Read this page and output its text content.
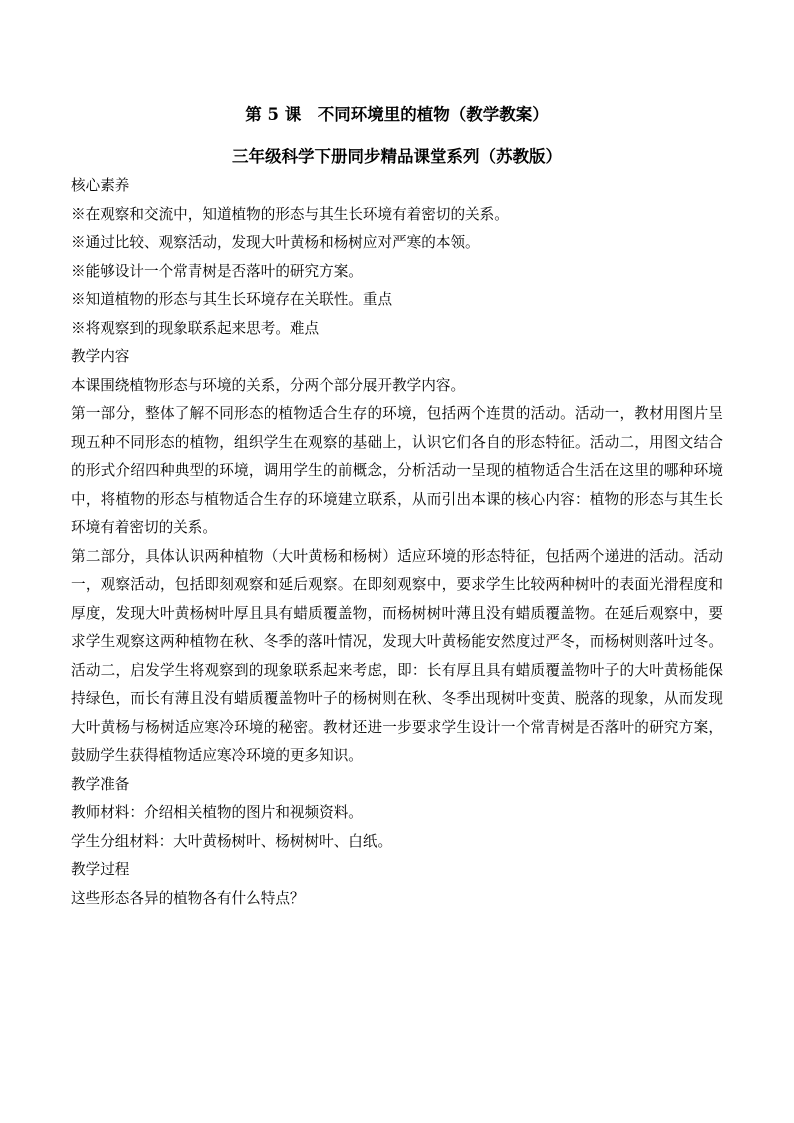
第 5 课　不同环境里的植物（教学教案）
三年级科学下册同步精品课堂系列（苏教版）
核心素养
※在观察和交流中，知道植物的形态与其生长环境有着密切的关系。
※通过比较、观察活动，发现大叶黄杨和杨树应对严寒的本领。
※能够设计一个常青树是否落叶的研究方案。
※知道植物的形态与其生长环境存在关联性。重点
※将观察到的现象联系起来思考。难点
教学内容
本课围绕植物形态与环境的关系，分两个部分展开教学内容。

第一部分，整体了解不同形态的植物适合生存的环境，包括两个连贯的活动。活动一，教材用图片呈现五种不同形态的植物，组织学生在观察的基础上，认识它们各自的形态特征。活动二，用图文结合的形式介绍四种典型的环境，调用学生的前概念，分析活动一呈现的植物适合生活在这里的哪种环境中，将植物的形态与植物适合生存的环境建立联系，从而引出本课的核心内容：植物的形态与其生长环境有着密切的关系。

第二部分，具体认识两种植物（大叶黄杨和杨树）适应环境的形态特征，包括两个递进的活动。活动一，观察活动，包括即刻观察和延后观察。在即刻观察中，要求学生比较两种树叶的表面光滑程度和厚度，发现大叶黄杨树叶厚且具有蜡质覆盖物，而杨树树叶薄且没有蜡质覆盖物。在延后观察中，要求学生观察这两种植物在秋、冬季的落叶情况，发现大叶黄杨能安然度过严冬，而杨树则落叶过冬。活动二，启发学生将观察到的现象联系起来考虑，即：长有厚且具有蜡质覆盖物叶子的大叶黄杨能保持绿色，而长有薄且没有蜡质覆盖物叶子的杨树则在秋、冬季出现树叶变黄、脱落的现象，从而发现大叶黄杨与杨树适应寒冷环境的秘密。教材还进一步要求学生设计一个常青树是否落叶的研究方案，鼓励学生获得植物适应寒冷环境的更多知识。

教学准备
教师材料：介绍相关植物的图片和视频资料。
学生分组材料：大叶黄杨树叶、杨树树叶、白纸。
教学过程
这些形态各异的植物各有什么特点？
